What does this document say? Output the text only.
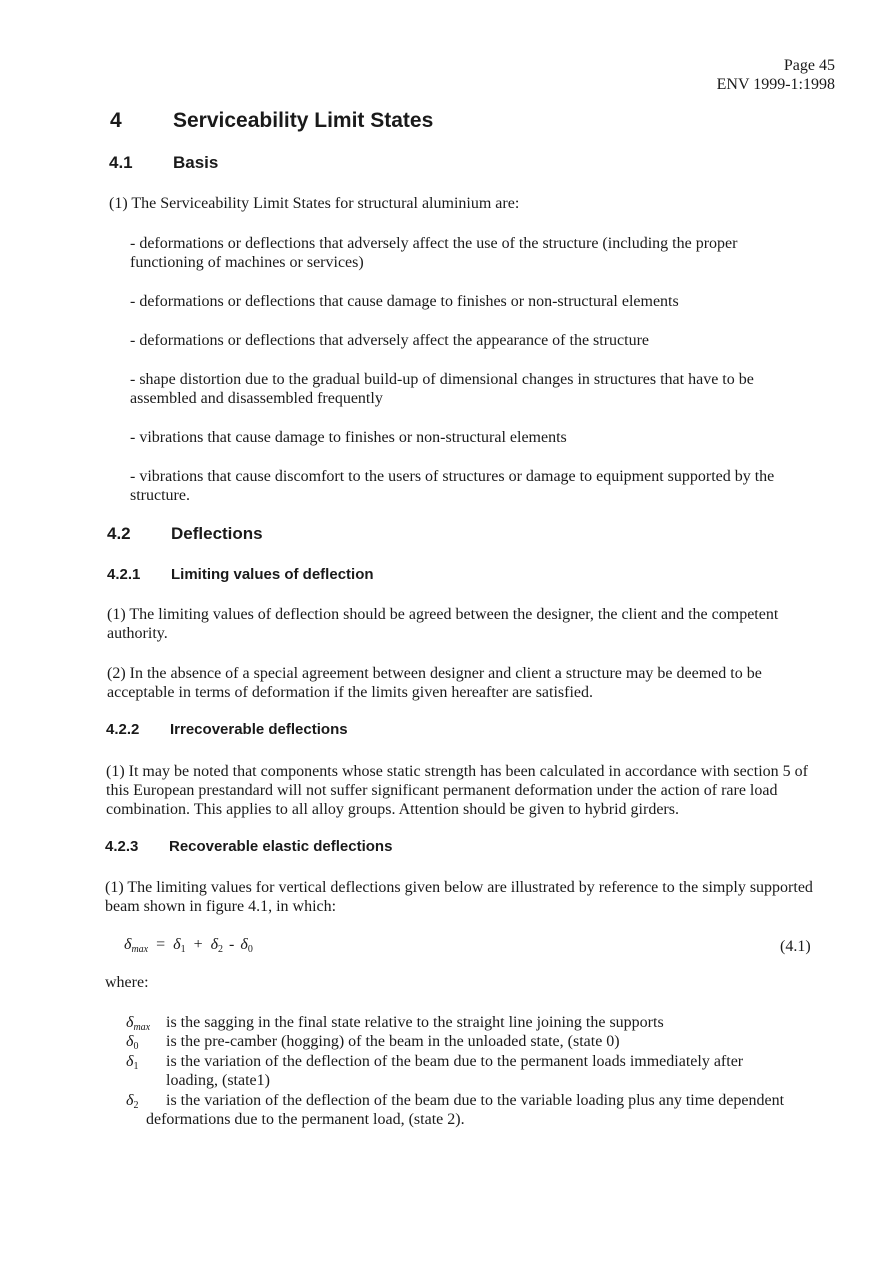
Page 45
ENV 1999-1:1998
4 Serviceability Limit States
4.1 Basis
(1) The Serviceability Limit States for structural aluminium are:
- deformations or deflections that adversely affect the use of the structure (including the proper functioning of machines or services)
- deformations or deflections that cause damage to finishes or non-structural elements
- deformations or deflections that adversely affect the appearance of the structure
- shape distortion due to the gradual build-up of dimensional changes in structures that have to be assembled and disassembled frequently
- vibrations that cause damage to finishes or non-structural elements
- vibrations that cause discomfort to the users of structures or damage to equipment supported by the structure.
4.2 Deflections
4.2.1 Limiting values of deflection
(1) The limiting values of deflection should be agreed between the designer, the client and the competent authority.
(2) In the absence of a special agreement between designer and client a structure may be deemed to be acceptable in terms of deformation if the limits given hereafter are satisfied.
4.2.2 Irrecoverable deflections
(1) It may be noted that components whose static strength has been calculated in accordance with section 5 of this European prestandard will not suffer significant permanent deformation under the action of rare load combination. This applies to all alloy groups. Attention should be given to hybrid girders.
4.2.3 Recoverable elastic deflections
(1) The limiting values for vertical deflections given below are illustrated by reference to the simply supported beam shown in figure 4.1, in which:
$\delta_{max} = \delta_1 + \delta_2 - \delta_0$	(4.1)
where:
$\delta_{max}$ is the sagging in the final state relative to the straight line joining the supports
$\delta_0$ is the pre-camber (hogging) of the beam in the unloaded state, (state 0)
$\delta_1$ is the variation of the deflection of the beam due to the permanent loads immediately after
loading, (state1)
$\delta_2$ is the variation of the deflection of the beam due to the variable loading plus any time dependent
deformations due to the permanent load, (state 2).
